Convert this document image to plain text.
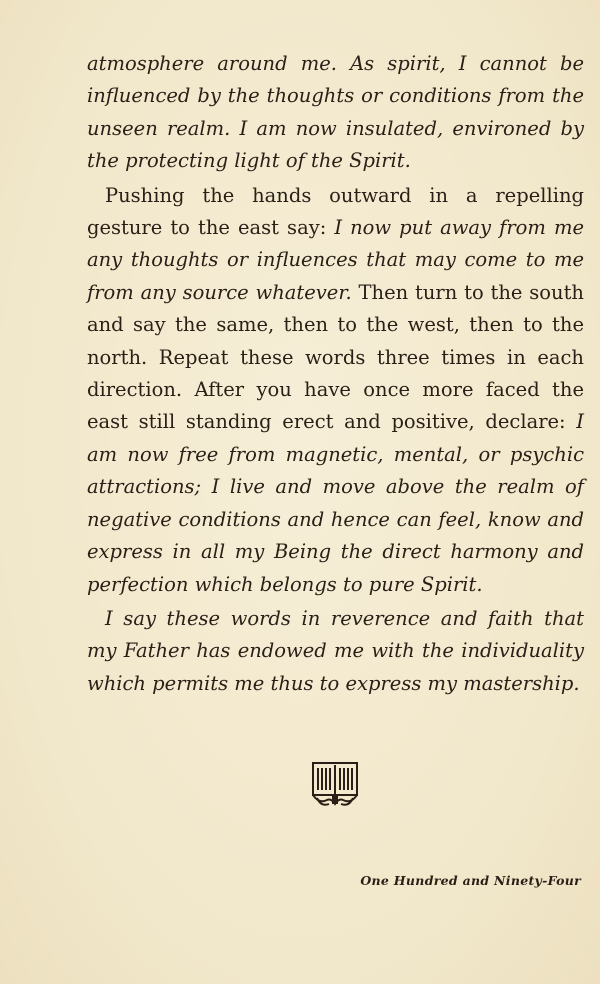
atmosphere around me. As spirit, I cannot be influenced by the thoughts or conditions from the unseen realm. I am now insulated, environed by the protecting light of the Spirit.

Pushing the hands outward in a repelling gesture to the east say: I now put away from me any thoughts or influences that may come to me from any source whatever. Then turn to the south and say the same, then to the west, then to the north. Repeat these words three times in each direction. After you have once more faced the east still standing erect and positive, declare: I am now free from magnetic, mental, or psychic attractions; I live and move above the realm of negative conditions and hence can feel, know and express in all my Being the direct harmony and perfection which belongs to pure Spirit.

I say these words in reverence and faith that my Father has endowed me with the individuality which permits me thus to express my mastership.

One Hundred and Ninety-Four
